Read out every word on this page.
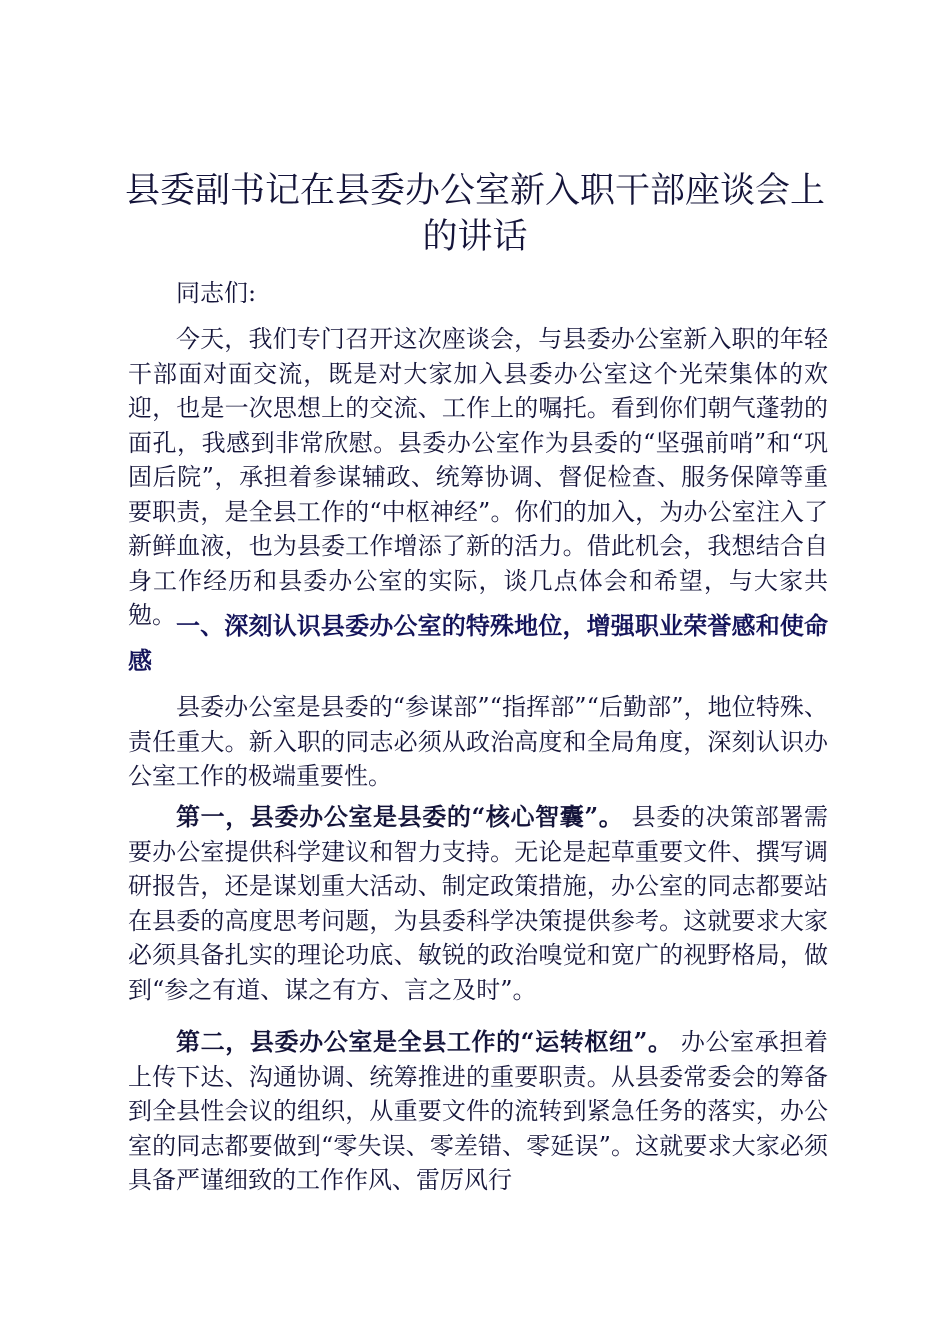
县委副书记在县委办公室新入职干部座谈会上的讲话

同志们:

今天，我们专门召开这次座谈会，与县委办公室新入职的年轻干部面对面交流，既是对大家加入县委办公室这个光荣集体的欢迎，也是一次思想上的交流、工作上的嘱托。看到你们朝气蓬勃的面孔，我感到非常欣慰。县委办公室作为县委的“坚强前哨”和“巩固后院”，承担着参谋辅政、统筹协调、督促检查、服务保障等重要职责，是全县工作的“中枢神经”。你们的加入，为办公室注入了新鲜血液，也为县委工作增添了新的活力。借此机会，我想结合自身工作经历和县委办公室的实际，谈几点体会和希望，与大家共勉。 一、深刻认识县委办公室的特殊地位，增强职业荣誉感和使命感

县委办公室是县委的“参谋部”“指挥部”“后勤部”，地位特殊、责任重大。新入职的同志必须从政治高度和全局角度，深刻认识办公室工作的极端重要性。

第一，县委办公室是县委的“核心智囊”。 县委的决策部署需要办公室提供科学建议和智力支持。无论是起草重要文件、撰写调研报告，还是谋划重大活动、制定政策措施，办公室的同志都要站在县委的高度思考问题，为县委科学决策提供参考。这就要求大家必须具备扎实的理论功底、敏锐的政治嗅觉和宽广的视野格局，做到“参之有道、谋之有方、言之及时”。

第二，县委办公室是全县工作的“运转枢纽”。 办公室承担着上传下达、沟通协调、统筹推进的重要职责。从县委常委会的筹备到全县性会议的组织，从重要文件的流转到紧急任务的落实，办公室的同志都要做到“零失误、零差错、零延误”。这就要求大家必须具备严谨细致的工作作风、雷厉风行
